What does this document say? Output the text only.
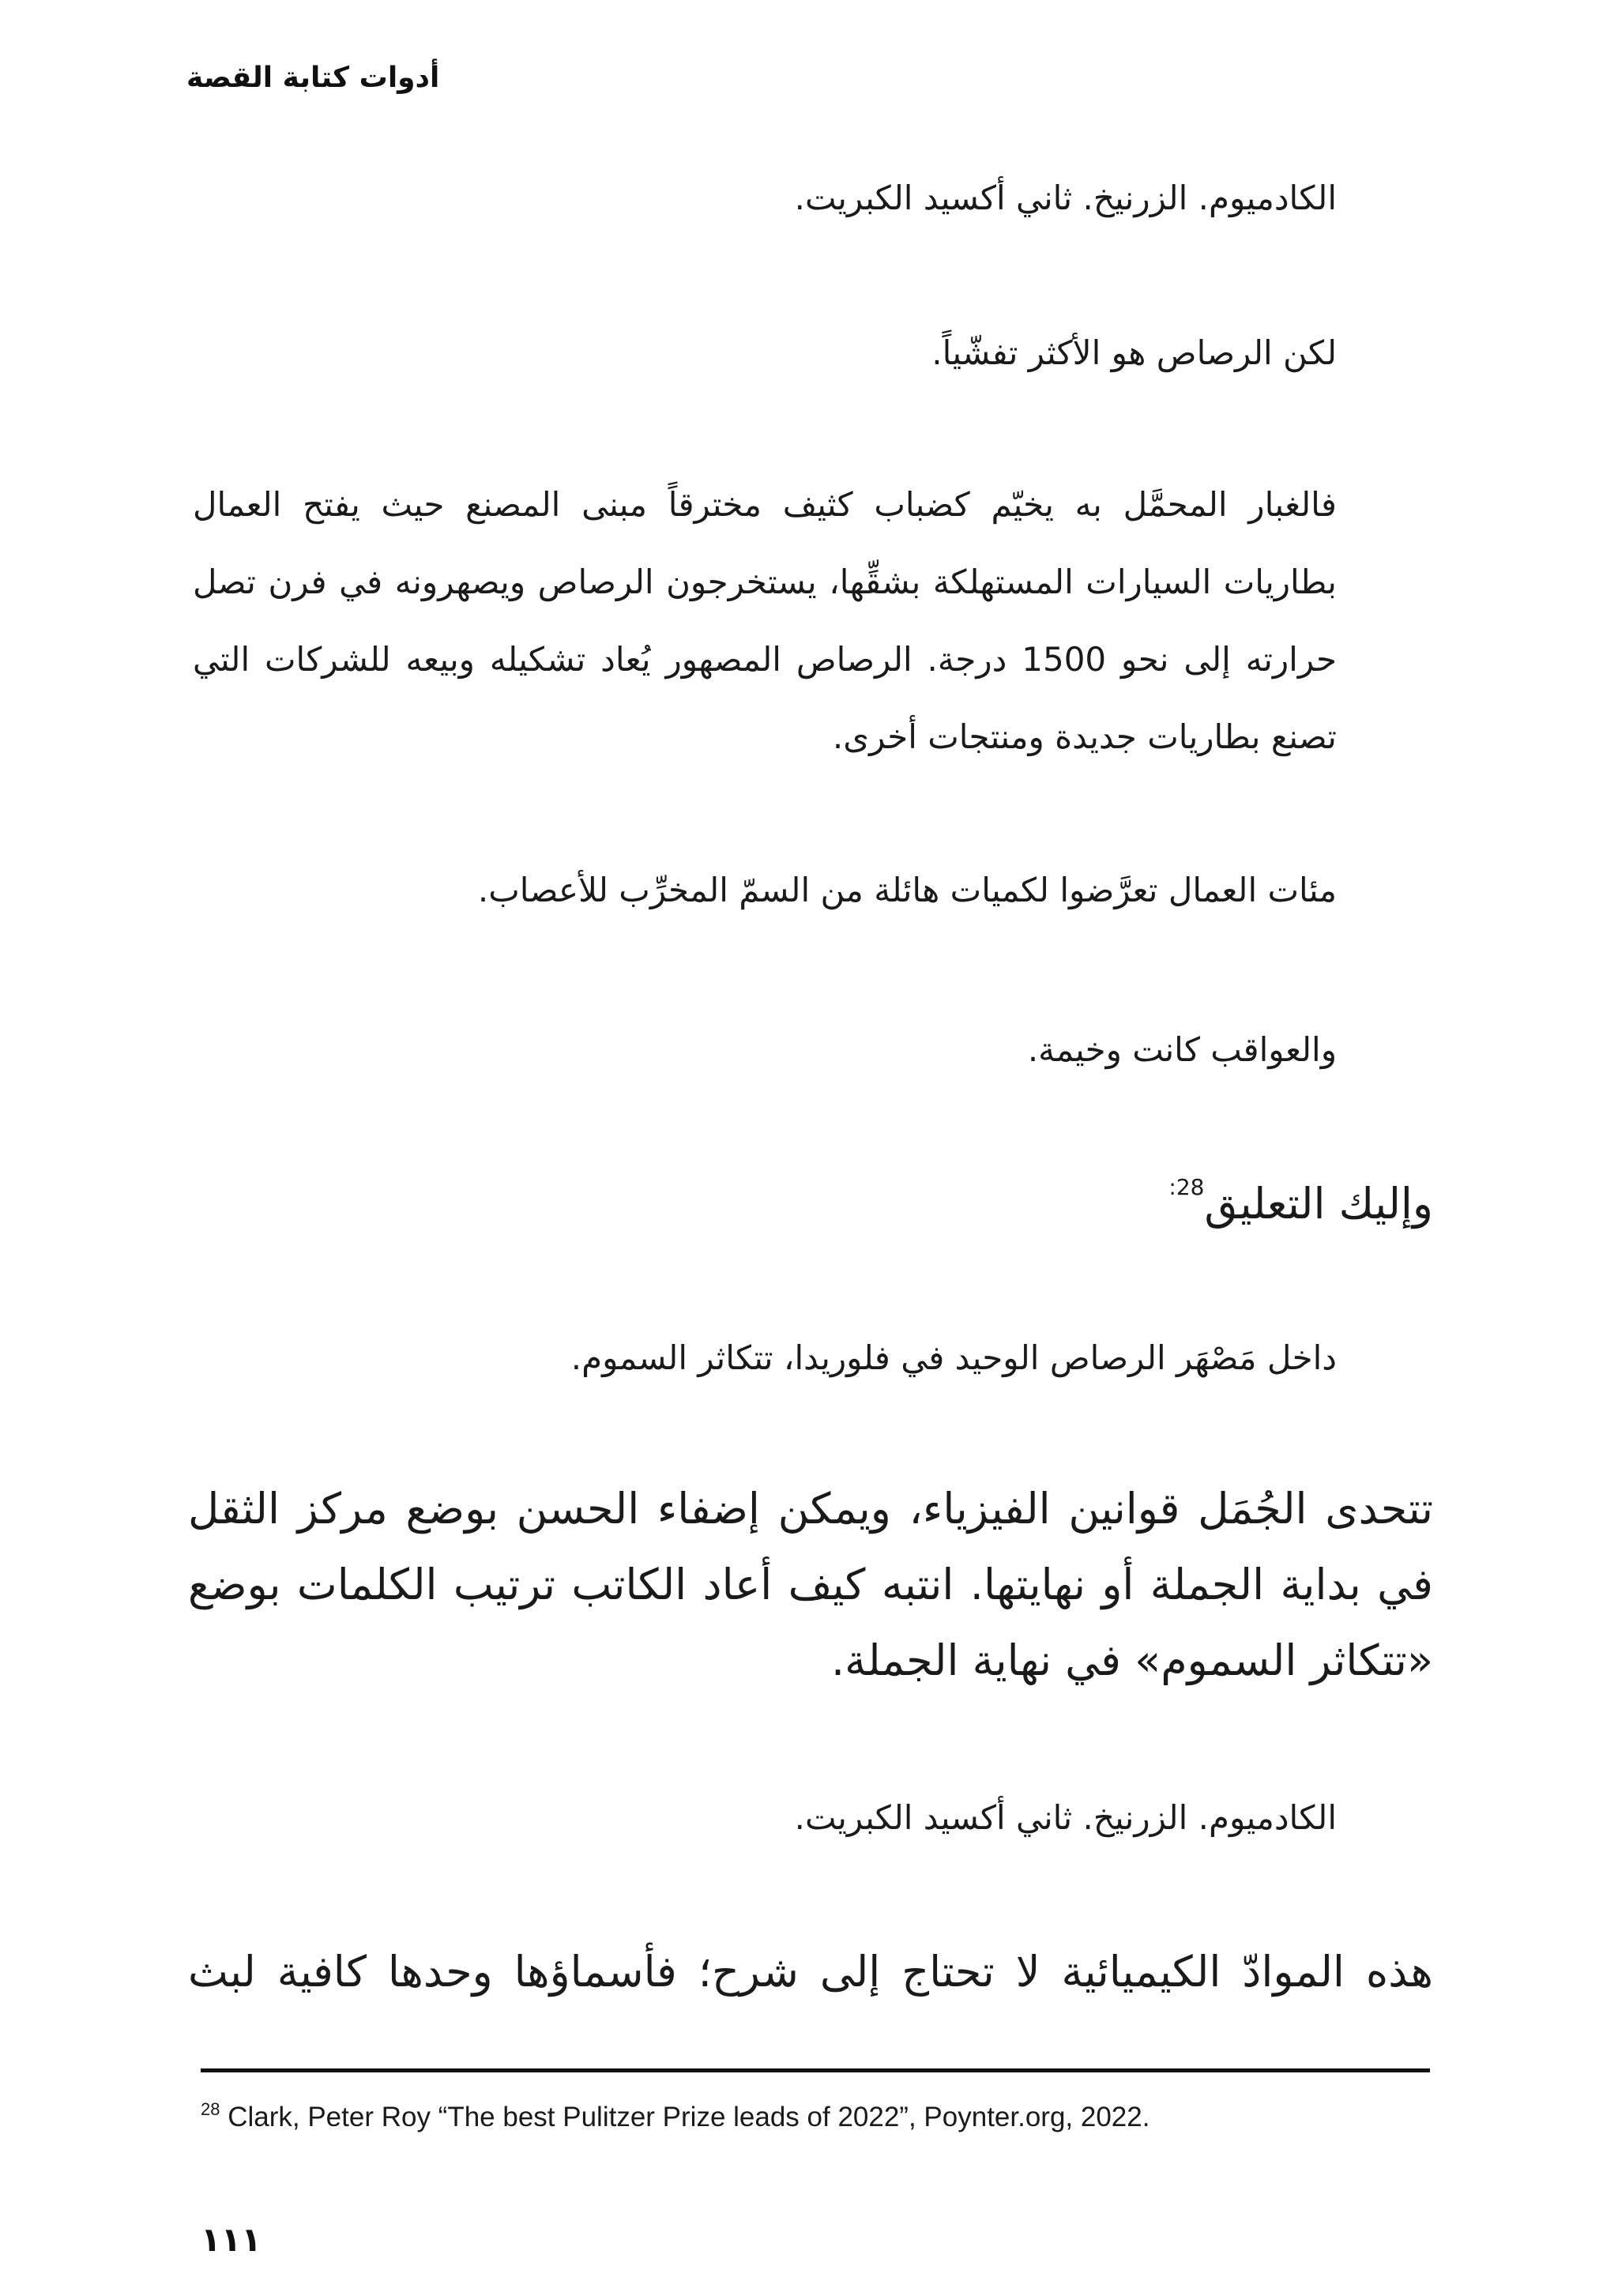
أدوات كتابة القصة
الكادميوم. الزرنيخ. ثاني أكسيد الكبريت.
لكن الرصاص هو الأكثر تفشّياً.
فالغبار المحمَّل به يخيّم كضباب كثيف مخترقاً مبنى المصنع حيث يفتح العمال بطاريات السيارات المستهلكة بشقِّها، يستخرجون الرصاص ويصهرونه في فرن تصل حرارته إلى نحو 1500 درجة. الرصاص المصهور يُعاد تشكيله وبيعه للشركات التي تصنع بطاريات جديدة ومنتجات أخرى.
مئات العمال تعرَّضوا لكميات هائلة من السمّ المخرِّب للأعصاب.
والعواقب كانت وخيمة.
وإليك التعليق$^{28:}$
داخل مَصْهَر الرصاص الوحيد في فلوريدا، تتكاثر السموم.
تتحدى الجُمَل قوانين الفيزياء، ويمكن إضفاء الحسن بوضع مركز الثقل في بداية الجملة أو نهايتها. انتبه كيف أعاد الكاتب ترتيب الكلمات بوضع «تتكاثر السموم» في نهاية الجملة.
الكادميوم. الزرنيخ. ثاني أكسيد الكبريت.
هذه الموادّ الكيميائية لا تحتاج إلى شرح؛ فأسماؤها وحدها كافية لبث
$^{28}$ Clark, Peter Roy “The best Pulitzer Prize leads of 2022”, Poynter.org, 2022.
١١١
